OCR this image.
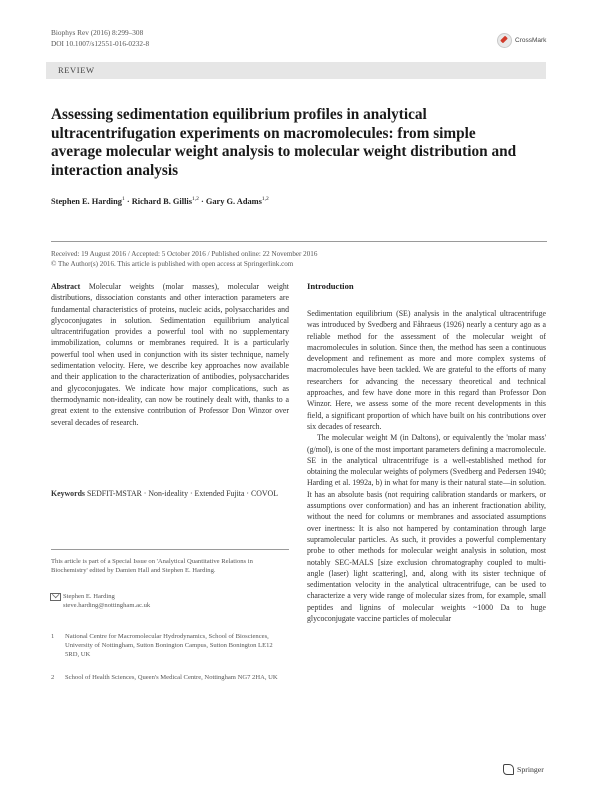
Biophys Rev (2016) 8:299–308
DOI 10.1007/s12551-016-0232-8	CrossMark
REVIEW
Assessing sedimentation equilibrium profiles in analytical ultracentrifugation experiments on macromolecules: from simple average molecular weight analysis to molecular weight distribution and interaction analysis
Stephen E. Harding$^1$ · Richard B. Gillis$^{1,2}$ · Gary G. Adams$^{1,2}$
Received: 19 August 2016 / Accepted: 5 October 2016 / Published online: 22 November 2016
© The Author(s) 2016. This article is published with open access at Springerlink.com
Abstract Molecular weights (molar masses), molecular weight distributions, dissociation constants and other interaction parameters are fundamental characteristics of proteins, nucleic acids, polysaccharides and glycoconjugates in solution. Sedimentation equilibrium analytical ultracentrifugation provides a powerful tool with no supplementary immobilization, columns or membranes required. It is a particularly powerful tool when used in conjunction with its sister technique, namely sedimentation velocity. Here, we describe key approaches now available and their application to the characterization of antibodies, polysaccharides and glycoconjugates. We indicate how major complications, such as thermodynamic non-ideality, can now be routinely dealt with, thanks to a great extent to the extensive contribution of Professor Don Winzor over several decades of research.
Keywords SEDFIT-MSTAR · Non-ideality · Extended Fujita · COVOL
This article is part of a Special Issue on 'Analytical Quantitative Relations in Biochemistry' edited by Damien Hall and Stephen E. Harding.
Stephen E. Harding
steve.harding@nottingham.ac.uk
1 National Centre for Macromolecular Hydrodynamics, School of Biosciences, University of Nottingham, Sutton Bonington Campus, Sutton Bonington LE12 5RD, UK
2 School of Health Sciences, Queen's Medical Centre, Nottingham NG7 2HA, UK
Introduction

Sedimentation equilibrium (SE) analysis in the analytical ultracentrifuge was introduced by Svedberg and Fåhraeus (1926) nearly a century ago as a reliable method for the assessment of the molecular weight of macromolecules in solution. Since then, the method has seen a continuous development and refinement as more and more complex systems of macromolecules have been tackled. We are grateful to the efforts of many researchers for advancing the necessary theoretical and technical approaches, and few have done more in this regard than Professor Don Winzor. Here, we assess some of the more recent developments in this field, a significant proportion of which have built on his contributions over six decades of research.

The molecular weight M (in Daltons), or equivalently the 'molar mass' (g/mol), is one of the most important parameters defining a macromolecule. SE in the analytical ultracentrifuge is a well-established method for obtaining the molecular weights of polymers (Svedberg and Pedersen 1940; Harding et al. 1992a, b) in what for many is their natural state—in solution. It has an absolute basis (not requiring calibration standards or markers, or assumptions over conformation) and has an inherent fractionation ability, without the need for columns or membranes and associated assumptions over inertness: It is also not hampered by contamination through large supramolecular particles. As such, it provides a powerful complementary probe to other methods for molecular weight analysis in solution, most notably SEC-MALS [size exclusion chromatography coupled to multi-angle (laser) light scattering], and, along with its sister technique of sedimentation velocity in the analytical ultracentrifuge, can be used to characterize a very wide range of molecular sizes from, for example, small peptides and lignins of molecular weights ~1000 Da to huge glycoconjugate vaccine particles of molecular

Springer
